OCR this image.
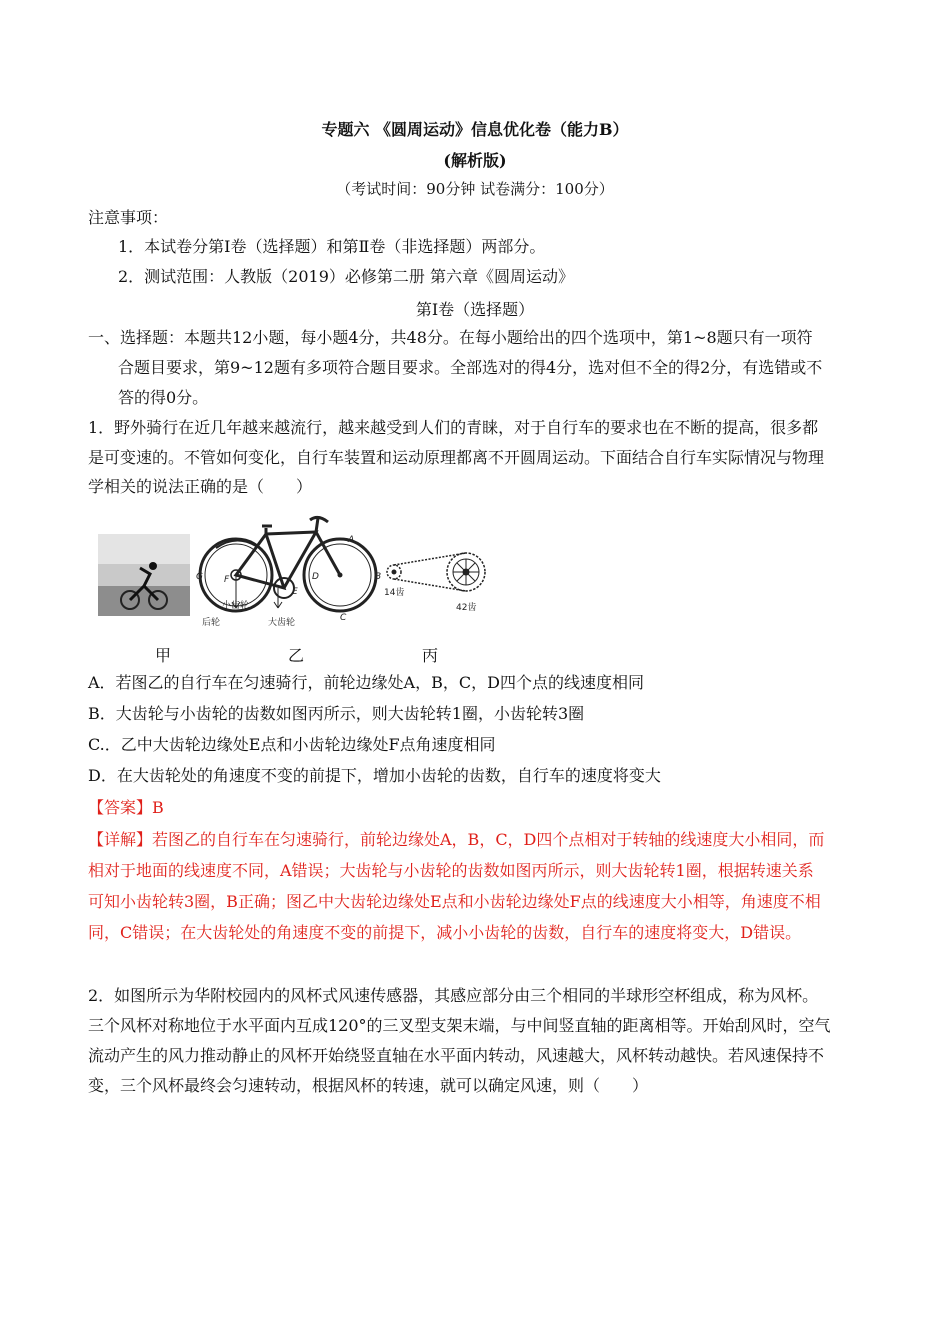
专题六 《圆周运动》信息优化卷（能力B）
(解析版)
（考试时间：90分钟 试卷满分：100分）
注意事项：
1．本试卷分第Ⅰ卷（选择题）和第Ⅱ卷（非选择题）两部分。
2．测试范围：人教版（2019）必修第二册 第六章《圆周运动》
第Ⅰ卷（选择题）
一、选择题：本题共12小题，每小题4分，共48分。在每小题给出的四个选项中，第1~8题只有一项符
合题目要求，第9~12题有多项符合题目要求。全部选对的得4分，选对但不全的得2分，有选错或不
答的得0分。
1．野外骑行在近几年越来越流行，越来越受到人们的青睐，对于自行车的要求也在不断的提高，很多都
是可变速的。不管如何变化，自行车装置和运动原理都离不开圆周运动。下面结合自行车实际情况与物理
学相关的说法正确的是（　　）
A
B
C
D
E
F
G
小齿轮
后轮	大齿轮
14齿
42齿
甲	乙	丙
A．若图乙的自行车在匀速骑行，前轮边缘处A，B，C，D四个点的线速度相同
B．大齿轮与小齿轮的齿数如图丙所示，则大齿轮转1圈，小齿轮转3圈
C.．乙中大齿轮边缘处E点和小齿轮边缘处F点角速度相同
D．在大齿轮处的角速度不变的前提下，增加小齿轮的齿数，自行车的速度将变大
【答案】B
【详解】若图乙的自行车在匀速骑行，前轮边缘处A，B，C，D四个点相对于转轴的线速度大小相同，而
相对于地面的线速度不同，A错误；大齿轮与小齿轮的齿数如图丙所示，则大齿轮转1圈，根据转速关系
可知小齿轮转3圈，B正确；图乙中大齿轮边缘处E点和小齿轮边缘处F点的线速度大小相等，角速度不相
同，C错误；在大齿轮处的角速度不变的前提下，减小小齿轮的齿数，自行车的速度将变大，D错误。
2．如图所示为华附校园内的风杯式风速传感器，其感应部分由三个相同的半球形空杯组成，称为风杯。
三个风杯对称地位于水平面内互成120°的三叉型支架末端，与中间竖直轴的距离相等。开始刮风时，空气
流动产生的风力推动静止的风杯开始绕竖直轴在水平面内转动，风速越大，风杯转动越快。若风速保持不
变，三个风杯最终会匀速转动，根据风杯的转速，就可以确定风速，则（　　）
